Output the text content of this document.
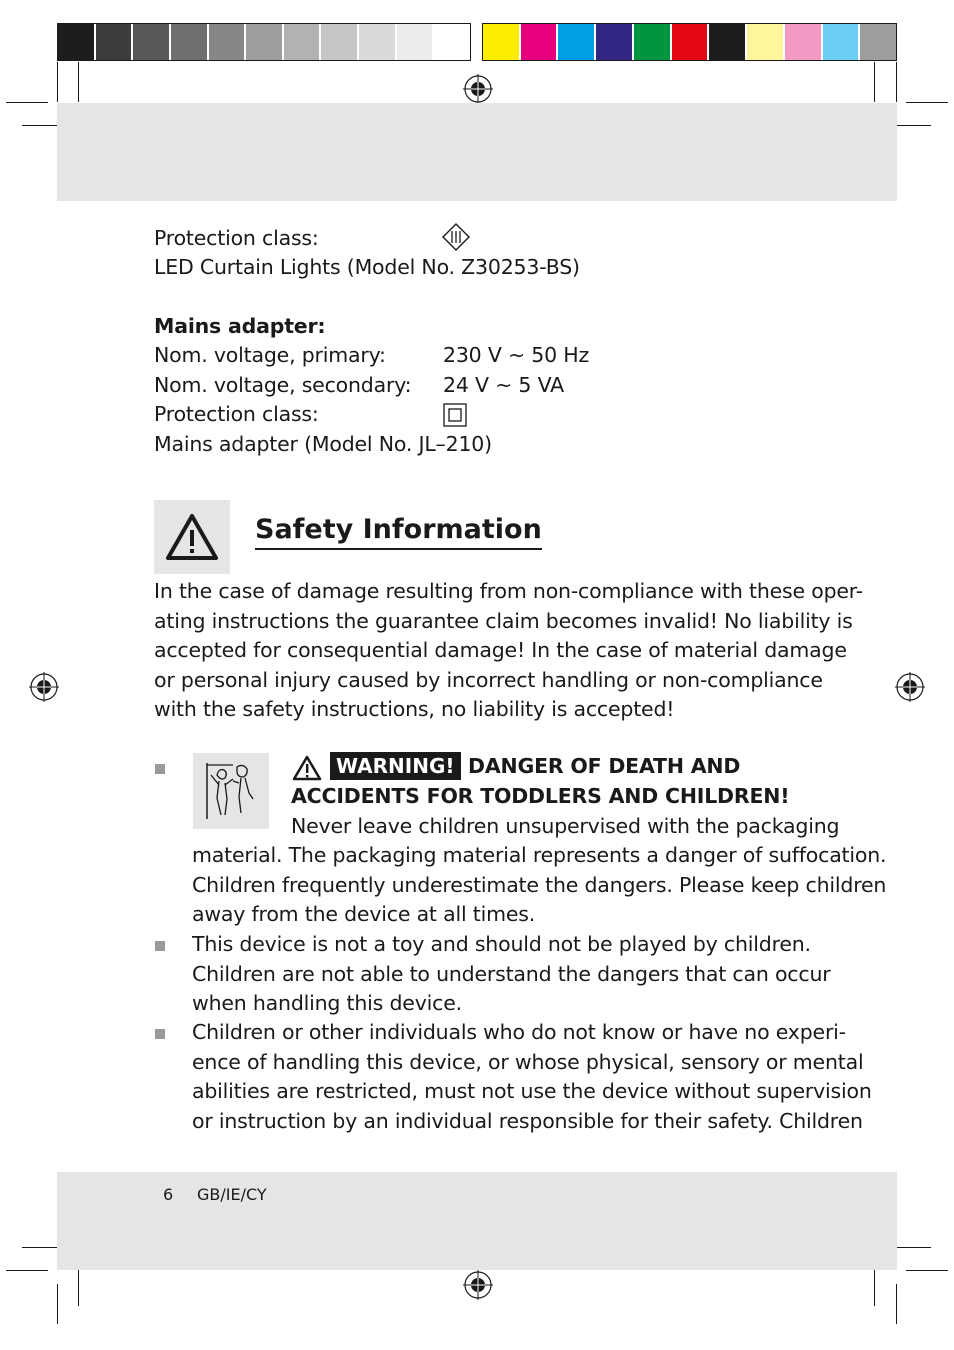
Protection class:
LED Curtain Lights (Model No. Z30253-BS)
Mains adapter:
Nom. voltage, primary:	230 V ~ 50 Hz
Nom. voltage, secondary: 24 V ~ 5 VA
Protection class:
Mains adapter (Model No. JL–210)
Safety Information
In the case of damage resulting from non-compliance with these oper-
ating instructions the guarantee claim becomes invalid! No liability is
accepted for consequential damage! In the case of material damage
or personal injury caused by incorrect handling or non-compliance
with the safety instructions, no liability is accepted!
WARNING! DANGER OF DEATH AND
ACCIDENTS FOR TODDLERS AND CHILDREN!
Never leave children unsupervised with the packaging
material. The packaging material represents a danger of suffocation.
Children frequently underestimate the dangers. Please keep children
away from the device at all times.
This device is not a toy and should not be played by children.
Children are not able to understand the dangers that can occur
when handling this device.
Children or other individuals who do not know or have no experi-
ence of handling this device, or whose physical, sensory or mental
abilities are restricted, must not use the device without supervision
or instruction by an individual responsible for their safety. Children
6 GB/IE/CY
